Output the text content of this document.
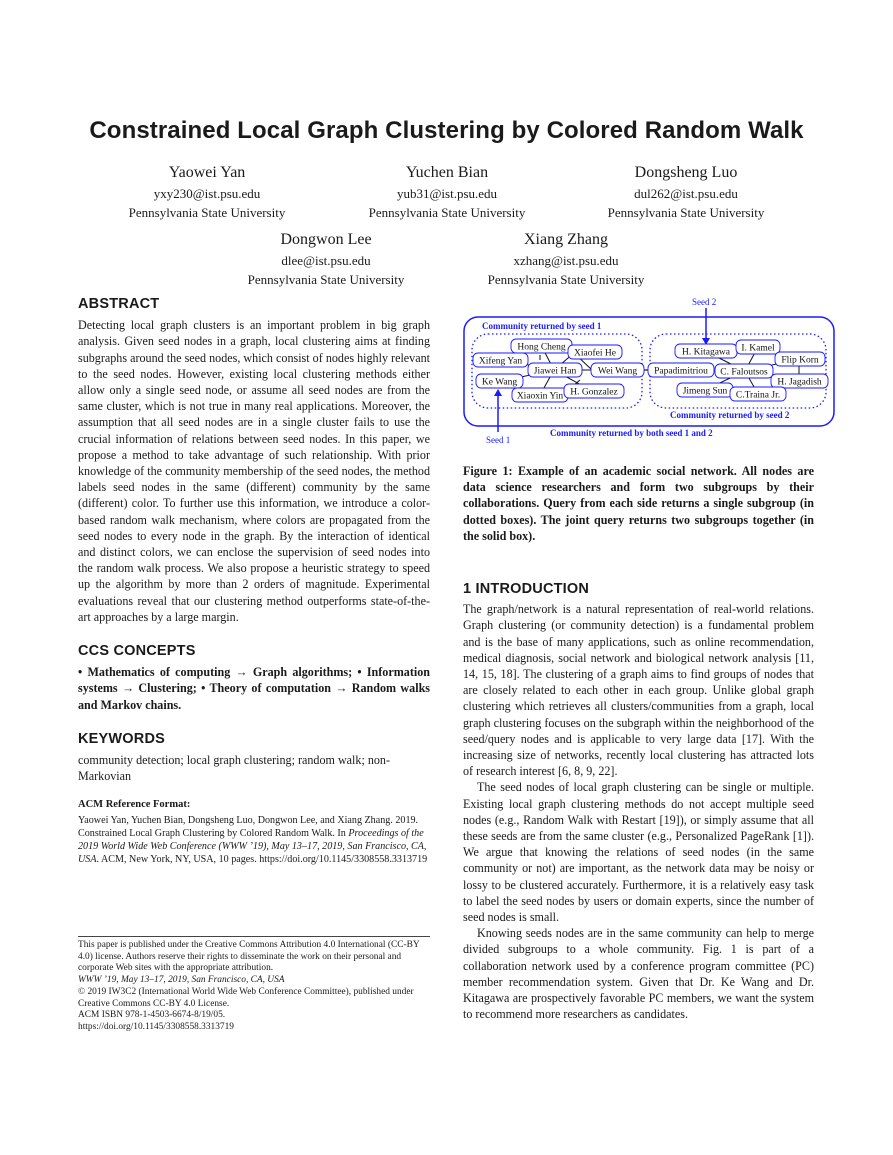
Constrained Local Graph Clustering by Colored Random Walk
Yaowei Yan
yxy230@ist.psu.edu
Pennsylvania State University
Yuchen Bian
yub31@ist.psu.edu
Pennsylvania State University
Dongsheng Luo
dul262@ist.psu.edu
Pennsylvania State University
Dongwon Lee
dlee@ist.psu.edu
Pennsylvania State University
Xiang Zhang
xzhang@ist.psu.edu
Pennsylvania State University
ABSTRACT

Detecting local graph clusters is an important problem in big graph analysis. Given seed nodes in a graph, local clustering aims at finding subgraphs around the seed nodes, which consist of nodes highly relevant to the seed nodes. However, existing local clustering methods either allow only a single seed node, or assume all seed nodes are from the same cluster, which is not true in many real applications. Moreover, the assumption that all seed nodes are in a single cluster fails to use the crucial information of relations between seed nodes. In this paper, we propose a method to take advantage of such relationship. With prior knowledge of the community membership of the seed nodes, the method labels seed nodes in the same (different) community by the same (different) color. To further use this information, we introduce a color-based random walk mechanism, where colors are propagated from the seed nodes to every node in the graph. By the interaction of identical and distinct colors, we can enclose the supervision of seed nodes into the random walk process. We also propose a heuristic strategy to speed up the algorithm by more than 2 orders of magnitude. Experimental evaluations reveal that our clustering method outperforms state-of-the-art approaches by a large margin.

CCS CONCEPTS

• Mathematics of computing → Graph algorithms; • Information systems → Clustering; • Theory of computation → Random walks and Markov chains.

KEYWORDS

community detection; local graph clustering; random walk; non-Markovian

ACM Reference Format:
Yaowei Yan, Yuchen Bian, Dongsheng Luo, Dongwon Lee, and Xiang Zhang. 2019. Constrained Local Graph Clustering by Colored Random Walk. In Proceedings of the 2019 World Wide Web Conference (WWW ’19), May 13–17, 2019, San Francisco, CA, USA. ACM, New York, NY, USA, 10 pages. https://doi.org/10.1145/3308558.3313719
This paper is published under the Creative Commons Attribution 4.0 International (CC-BY 4.0) license. Authors reserve their rights to disseminate the work on their personal and corporate Web sites with the appropriate attribution.
WWW ’19, May 13–17, 2019, San Francisco, CA, USA
© 2019 IW3C2 (International World Wide Web Conference Committee), published under Creative Commons CC-BY 4.0 License.
ACM ISBN 978-1-4503-6674-8/19/05.
https://doi.org/10.1145/3308558.3313719
Community returned by seed 1
Community returned by seed 2
Community returned by both seed 1 and 2
Seed 2
Seed 1
Hong Cheng
Xiaofei He
Xifeng Yan
Jiawei Han Wei Wang
Ke Wang
Xiaoxin Yin H. Gonzalez
H. Kitagawa I. Kamel
Flip Korn
Papadimitriou C. Faloutsos
H. Jagadish
Jimeng Sun C.Traina Jr.

Figure 1: Example of an academic social network. All nodes are data science researchers and form two subgroups by their collaborations. Query from each side returns a single subgroup (in dotted boxes). The joint query returns two subgroups together (in the solid box).

1 INTRODUCTION

The graph/network is a natural representation of real-world relations. Graph clustering (or community detection) is a fundamental problem and is the base of many applications, such as online recommendation, medical diagnosis, social network and biological network analysis [11, 14, 15, 18]. The clustering of a graph aims to find groups of nodes that are closely related to each other in each group. Unlike global graph clustering which retrieves all clusters/communities from a graph, local graph clustering focuses on the subgraph within the neighborhood of the seed/query nodes and is applicable to very large data [17]. With the increasing size of networks, recently local clustering has attracted lots of research interest [6, 8, 9, 22].

The seed nodes of local graph clustering can be single or multiple. Existing local graph clustering methods do not accept multiple seed nodes (e.g., Random Walk with Restart [19]), or simply assume that all these seeds are from the same cluster (e.g., Personalized PageRank [1]). We argue that knowing the relations of seed nodes (in the same community or not) are important, as the network data may be noisy or lossy to be clustered accurately. Furthermore, it is a relatively easy task to label the seed nodes by users or domain experts, since the number of seed nodes is small.

Knowing seeds nodes are in the same community can help to merge divided subgroups to a whole community. Fig. 1 is part of a collaboration network used by a conference program committee (PC) member recommendation system. Given that Dr. Ke Wang and Dr. Kitagawa are prospectively favorable PC members, we want the system to recommend more researchers as candidates.
